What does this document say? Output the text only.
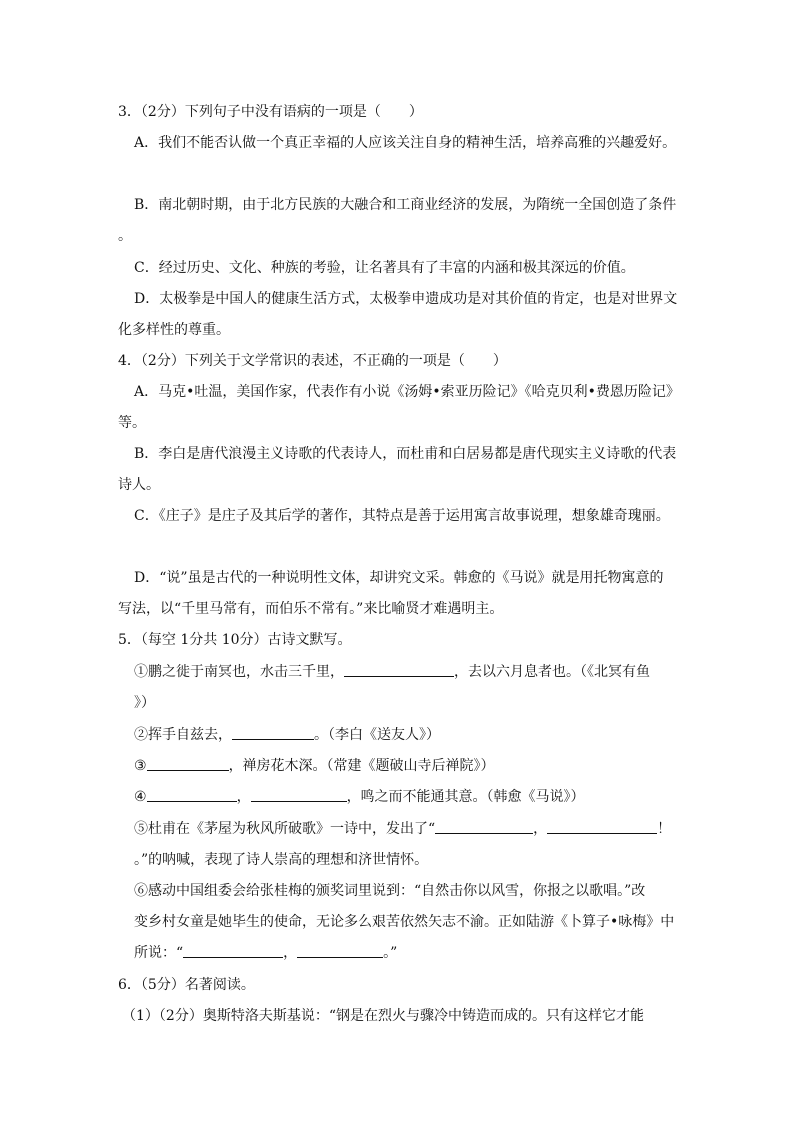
3．（2分）下列句子中没有语病的一项是（　　）
A．我们不能否认做一个真正幸福的人应该关注自身的精神生活，培养高雅的兴趣爱好。
B．南北朝时期，由于北方民族的大融合和工商业经济的发展，为隋统一全国创造了条件
。
C．经过历史、文化、种族的考验，让名著具有了丰富的内涵和极其深远的价值。
D．太极拳是中国人的健康生活方式，太极拳申遗成功是对其价值的肯定，也是对世界文
化多样性的尊重。
4．（2分）下列关于文学常识的表述，不正确的一项是（　　）
A．马克•吐温，美国作家，代表作有小说《汤姆•索亚历险记》《哈克贝利•费恩历险记》
等。
B．李白是唐代浪漫主义诗歌的代表诗人，而杜甫和白居易都是唐代现实主义诗歌的代表
诗人。
C．《庄子》是庄子及其后学的著作，其特点是善于运用寓言故事说理，想象雄奇瑰丽。
D．“说”虽是古代的一种说明性文体，却讲究文采。韩愈的《马说》就是用托物寓意的
写法，以“千里马常有，而伯乐不常有。”来比喻贤才难遇明主。
5．（每空 1分共 10分）古诗文默写。
①鹏之徙于南冥也，水击三千里，	，去以六月息者也。（《北冥有鱼
》）
②挥手自兹去，	。（李白《送友人》）
③	，禅房花木深。（常建《题破山寺后禅院》）
④	，	，鸣之而不能通其意。（韩愈《马说》）
⑤杜甫在《茅屋为秋风所破歌》一诗中，发出了“	，	！
。”的呐喊，表现了诗人崇高的理想和济世情怀。
⑥感动中国组委会给张桂梅的颁奖词里说到：“自然击你以风雪，你报之以歌唱。”改
变乡村女童是她毕生的使命，无论多么艰苦依然矢志不渝。正如陆游《卜算子•咏梅》中
所说：“	，	。”
6．（5分）名著阅读。
（1）（2分）奥斯特洛夫斯基说：“钢是在烈火与骤冷中铸造而成的。只有这样它才能
